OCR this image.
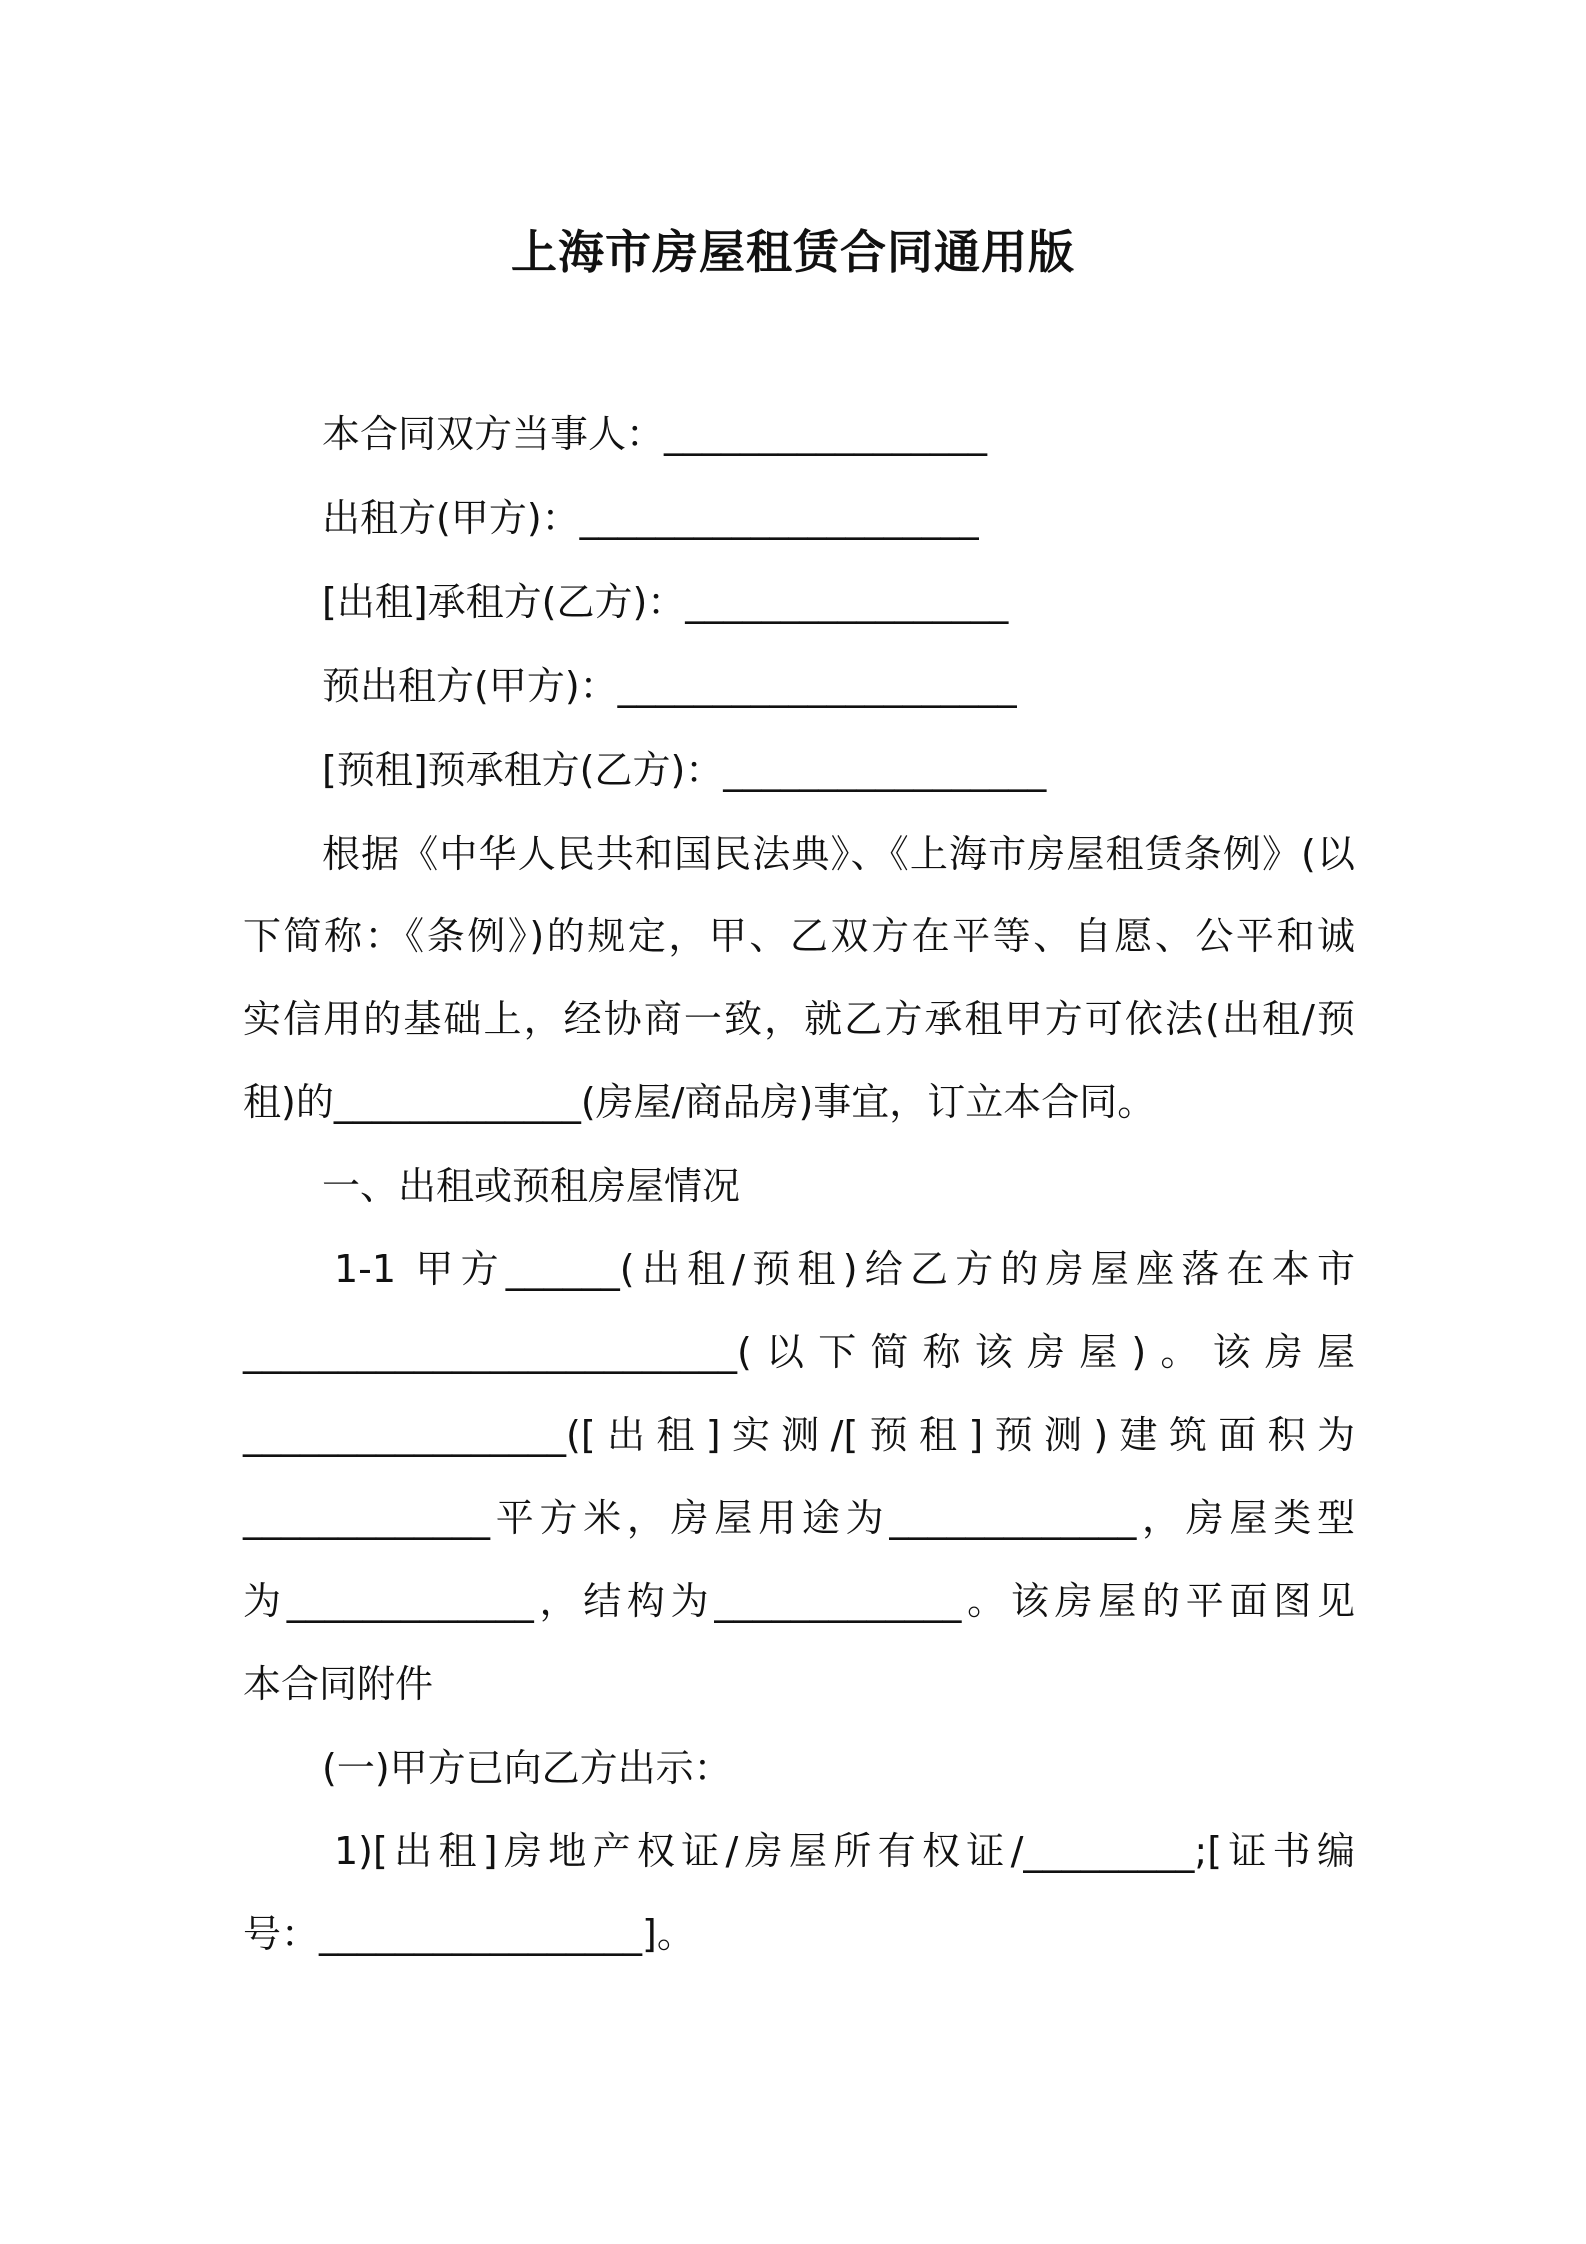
上海市房屋租赁合同通用版
本合同双方当事人：_________________
出租方(甲方)：_____________________
[出租]承租方(乙方)：_________________
预出租方(甲方)：_____________________
[预租]预承租方(乙方)：_________________
根据《中华人民共和国民法典》、《上海市房屋租赁条例》(以
下简称：《条例》)的规定，甲、乙双方在平等、自愿、公平和诚
实信用的基础上，经协商一致，就乙方承租甲方可依法(出租/预
租)的_____________(房屋/商品房)事宜，订立本合同。
一、出租或预租房屋情况
1-1 甲方______(出租/预租)给乙方的房屋座落在本市
__________________________(以下简称该房屋)。该房屋
_________________([出租]实测/[预租]预测)建筑面积为
_____________平方米，房屋用途为_____________，房屋类型
为_____________，结构为_____________。该房屋的平面图见
本合同附件
(一)甲方已向乙方出示：
1)[出租]房地产权证/房屋所有权证/_________;[证书编
号：_________________]。
